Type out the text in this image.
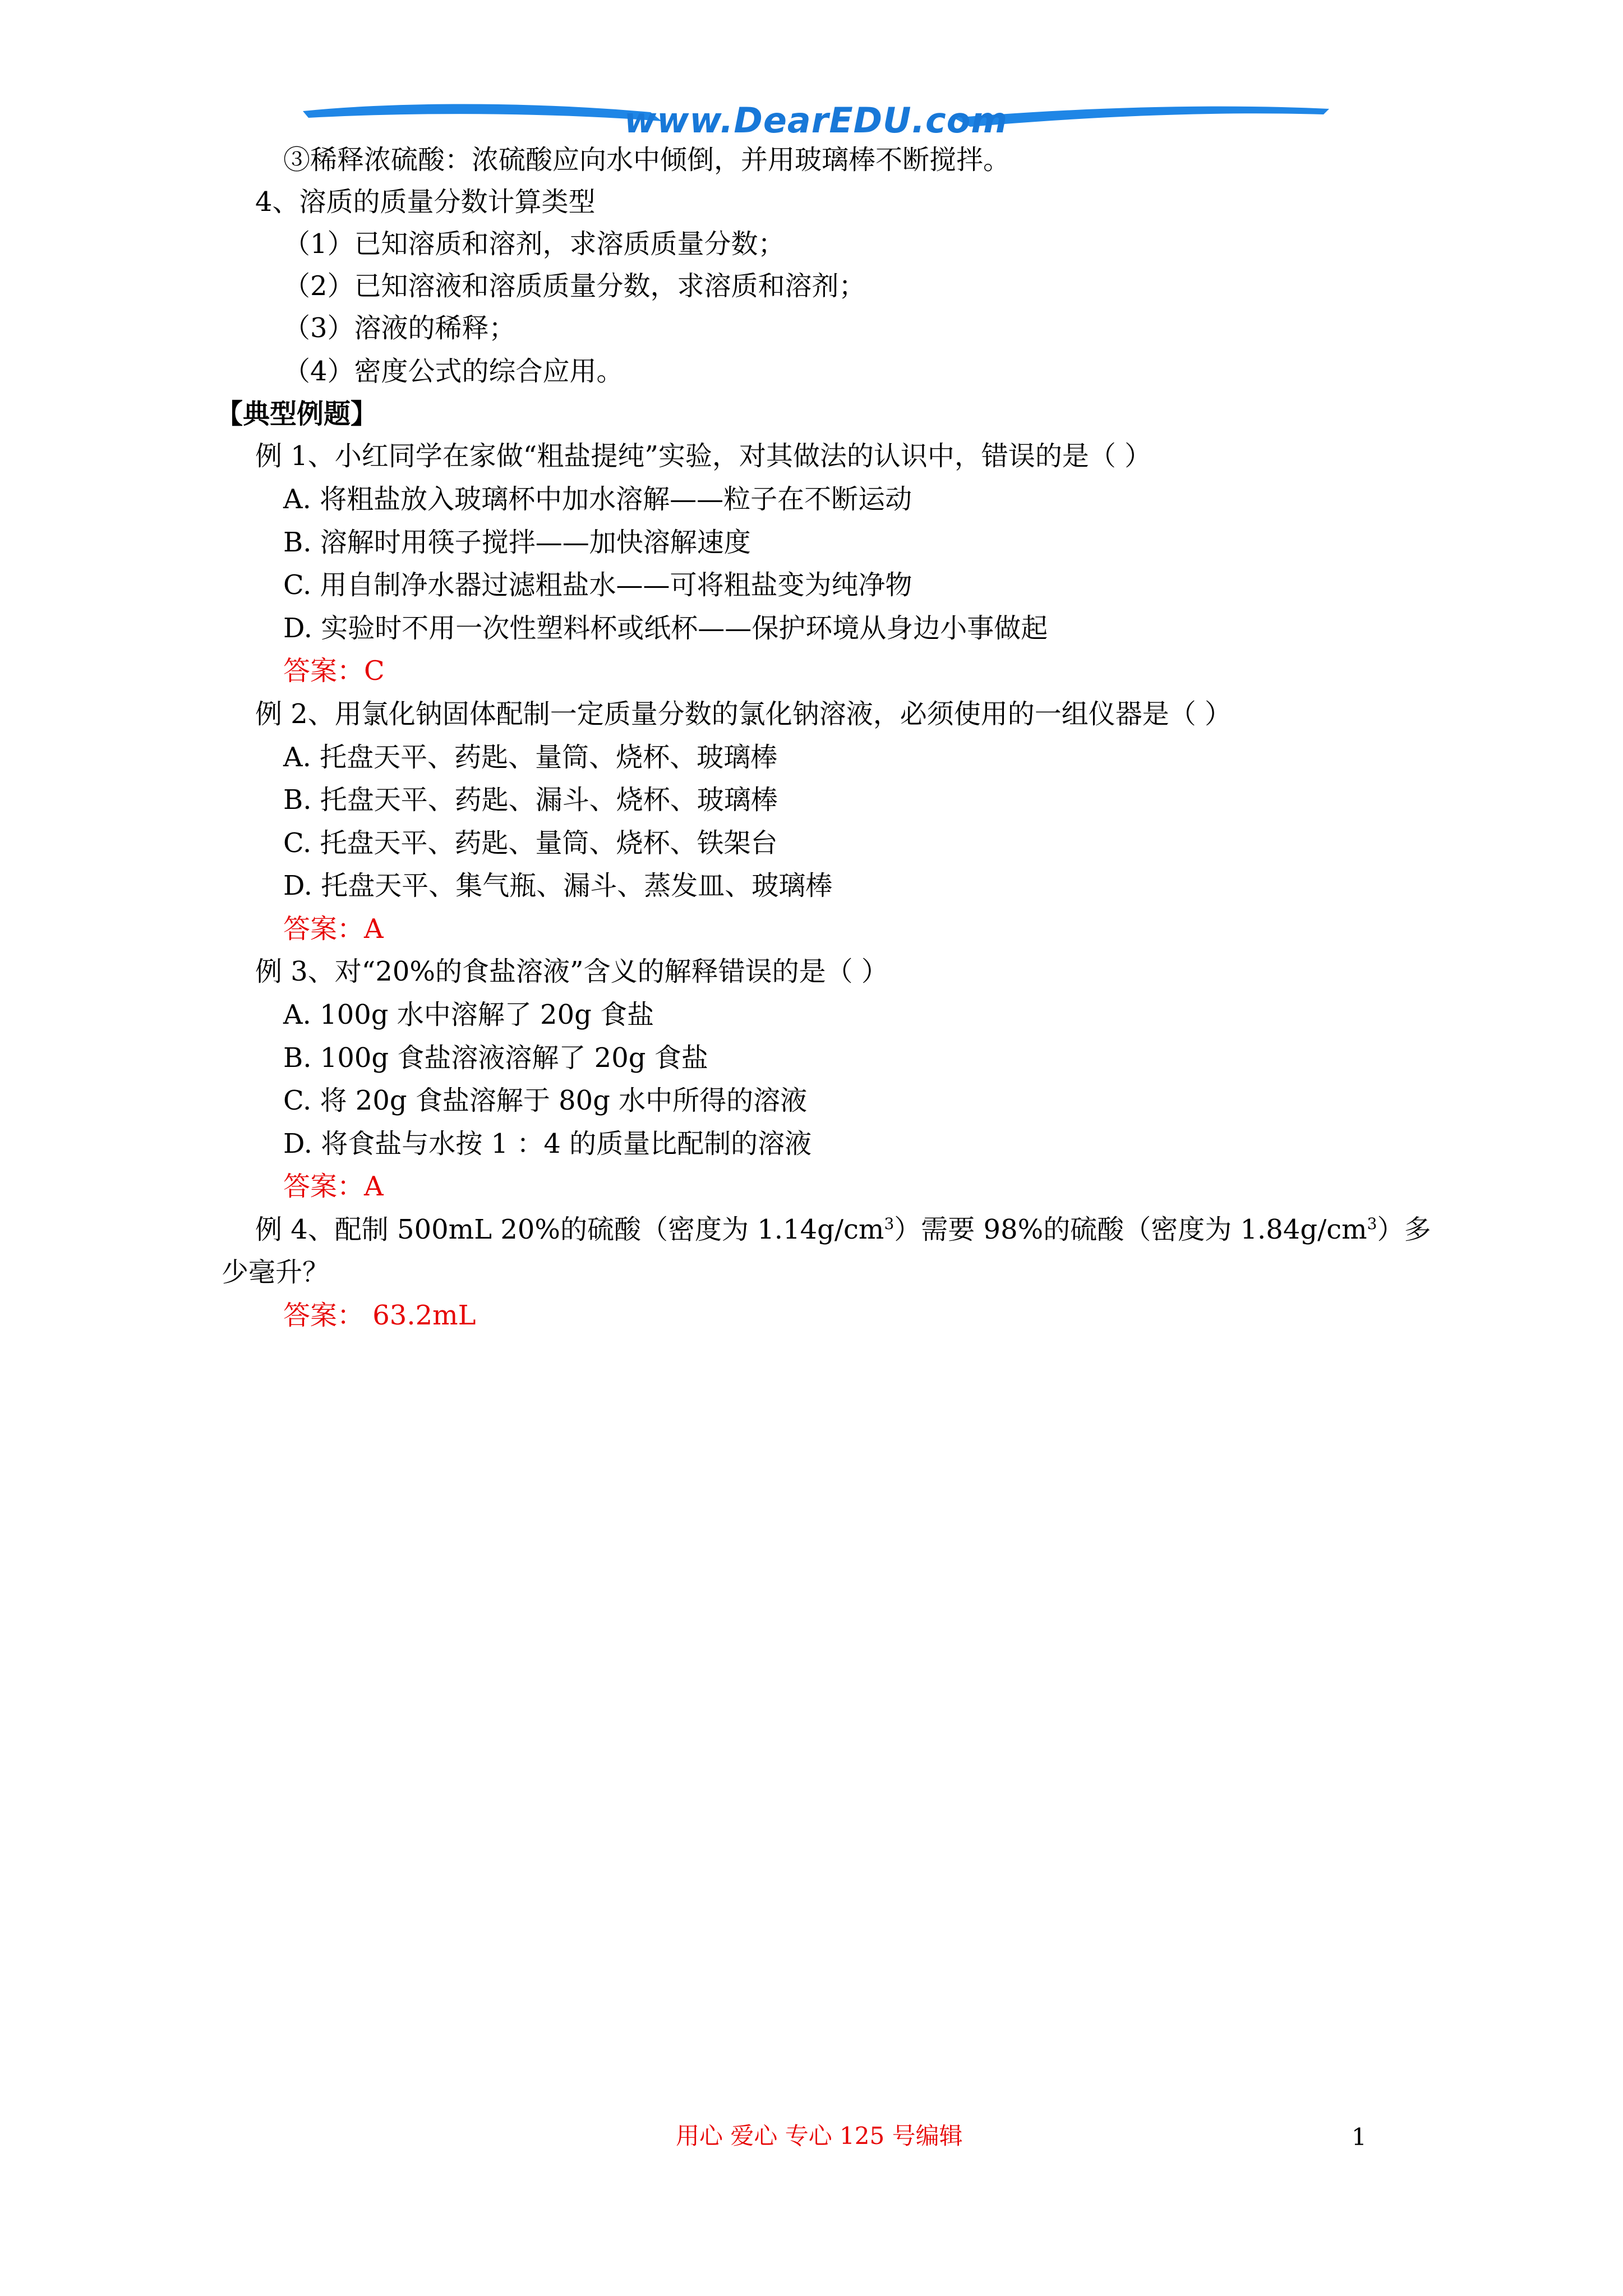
www.DearEDU.com
③稀释浓硫酸：浓硫酸应向水中倾倒，并用玻璃棒不断搅拌。
4、溶质的质量分数计算类型
（1）已知溶质和溶剂，求溶质质量分数；
（2）已知溶液和溶质质量分数，求溶质和溶剂；
（3）溶液的稀释；
（4）密度公式的综合应用。
【典型例题】
例 1、小红同学在家做“粗盐提纯”实验，对其做法的认识中，错误的是（ ）
A. 将粗盐放入玻璃杯中加水溶解——粒子在不断运动
B. 溶解时用筷子搅拌——加快溶解速度
C. 用自制净水器过滤粗盐水——可将粗盐变为纯净物
D. 实验时不用一次性塑料杯或纸杯——保护环境从身边小事做起
答案：C
例 2、用氯化钠固体配制一定质量分数的氯化钠溶液，必须使用的一组仪器是（ ）
A. 托盘天平、药匙、量筒、烧杯、玻璃棒
B. 托盘天平、药匙、漏斗、烧杯、玻璃棒
C. 托盘天平、药匙、量筒、烧杯、铁架台
D. 托盘天平、集气瓶、漏斗、蒸发皿、玻璃棒
答案：A
例 3、对“20%的食盐溶液”含义的解释错误的是（ ）
A. 100g 水中溶解了 20g 食盐
B. 100g 食盐溶液溶解了 20g 食盐
C. 将 20g 食盐溶解于 80g 水中所得的溶液
D. 将食盐与水按 1 ：4 的质量比配制的溶液
答案：A
例 4、配制 500mL 20%的硫酸（密度为 $1.14g/cm^3$）需要 98%的硫酸（密度为 $1.84g/cm^3$）多
少毫升？
答案： 63.2mL
用心 爱心 专心 125 号编辑	1
